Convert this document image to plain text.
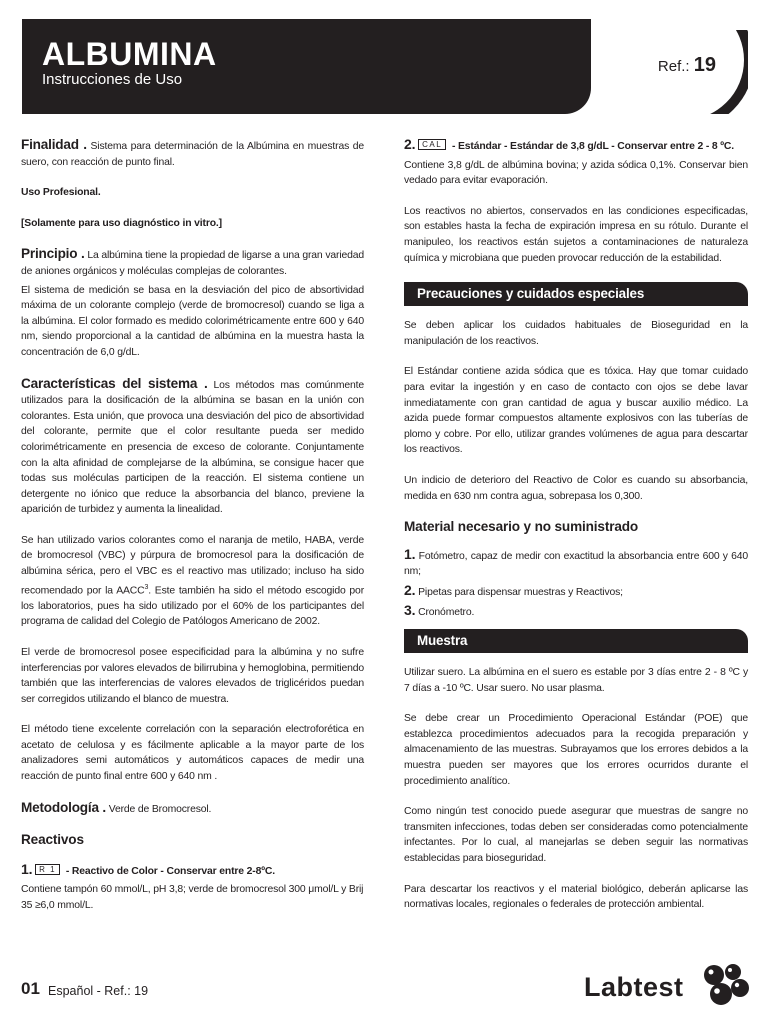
ALBUMINA
Instrucciones de Uso
Ref.: 19

Finalidad . Sistema para determinación de la Albúmina en muestras de suero, con reacción de punto final.

Uso Profesional.

[Solamente para uso diagnóstico in vitro.]

Principio . La albúmina tiene la propiedad de ligarse a una gran variedad de aniones orgánicos y moléculas complejas de colorantes.

El sistema de medición se basa en la desviación del pico de absortividad máxima de un colorante complejo (verde de bromocresol) cuando se liga a la albúmina. El color formado es medido colorimétricamente entre 600 y 640 nm, siendo proporcional a la cantidad de albúmina en la muestra hasta la concentración de 6,0 g/dL.

Características del sistema . Los métodos mas comúnmente utilizados para la dosificación de la albúmina se basan en la unión con colorantes. Esta unión, que provoca una desviación del pico de absortividad del colorante, permite que el color resultante pueda ser medido colorimétricamente en presencia de exceso de colorante. Conjuntamente con la alta afinidad de complejarse de la albúmina, se consigue hacer que todas sus moléculas participen de la reacción. El sistema contiene un detergente no iónico que reduce la absorbancia del blanco, previene la aparición de turbidez y aumenta la linealidad.

Se han utilizado varios colorantes como el naranja de metilo, HABA, verde de bromocresol (VBC) y púrpura de bromocresol para la dosificación de albúmina sérica, pero el VBC es el reactivo mas utilizado; incluso ha sido recomendado por la AACC$^3$. Este también ha sido el método escogido por los laboratorios, pues ha sido utilizado por el 60% de los participantes del programa de calidad del Colegio de Patólogos Americano de 2002.

El verde de bromocresol posee especificidad para la albúmina y no sufre interferencias por valores elevados de bilirrubina y hemoglobina, permitiendo también que las interferencias de valores elevados de triglicéridos puedan ser corregidos utilizando el blanco de muestra.

El método tiene excelente correlación con la separación electroforética en acetato de celulosa y es fácilmente aplicable a la mayor parte de los analizadores semi automáticos y automáticos capaces de medir una reacción de punto final entre 600 y 640 nm .

Metodología . Verde de Bromocresol.

Reactivos

1. R 1 - Reactivo de Color - Conservar entre 2-8ºC.

Contiene tampón 60 mmol/L, pH 3,8; verde de bromocresol 300 μmol/L y Brij 35 ≥6,0 mmol/L.

2. CAL - Estándar - Estándar de 3,8 g/dL - Conservar entre 2 - 8 ºC.

Contiene 3,8 g/dL de albúmina bovina; y azida sódica 0,1%. Conservar bien vedado para evitar evaporación.

Los reactivos no abiertos, conservados en las condiciones especificadas, son estables hasta la fecha de expiración impresa en su rótulo. Durante el manipuleo, los reactivos están sujetos a contaminaciones de naturaleza química y microbiana que pueden provocar reducción de la estabilidad.

Precauciones y cuidados especiales

Se deben aplicar los cuidados habituales de Bioseguridad en la manipulación de los reactivos.

El Estándar contiene azida sódica que es tóxica. Hay que tomar cuidado para evitar la ingestión y en caso de contacto con ojos se debe lavar inmediatamente con gran cantidad de agua y buscar auxilio médico. La azida puede formar compuestos altamente explosivos con las tuberías de plomo y cobre. Por ello, utilizar grandes volúmenes de agua para descartar los reactivos.

Un indicio de deterioro del Reactivo de Color es cuando su absorbancia, medida en 630 nm contra agua, sobrepasa los 0,300.

Material necesario y no suministrado

1. Fotómetro, capaz de medir con exactitud la absorbancia entre 600 y 640 nm;

2. Pipetas para dispensar muestras y Reactivos;

3. Cronómetro.

Muestra

Utilizar suero. La albúmina en el suero es estable por 3 días entre 2 - 8 ºC y 7 días a -10 ºC. Usar suero. No usar plasma.

Se debe crear un Procedimiento Operacional Estándar (POE) que establezca procedimientos adecuados para la recogida preparación y almacenamiento de las muestras. Subrayamos que los errores debidos a la muestra pueden ser mayores que los errores ocurridos durante el procedimiento analítico.

Como ningún test conocido puede asegurar que muestras de sangre no transmiten infecciones, todas deben ser consideradas como potencialmente infectantes. Por lo cual, al manejarlas se deben seguir las normativas establecidas para bioseguridad.

Para descartar los reactivos y el material biológico, deberán aplicarse las normativas locales, regionales o federales de protección ambiental.

01 Español - Ref.: 19	Labtest
